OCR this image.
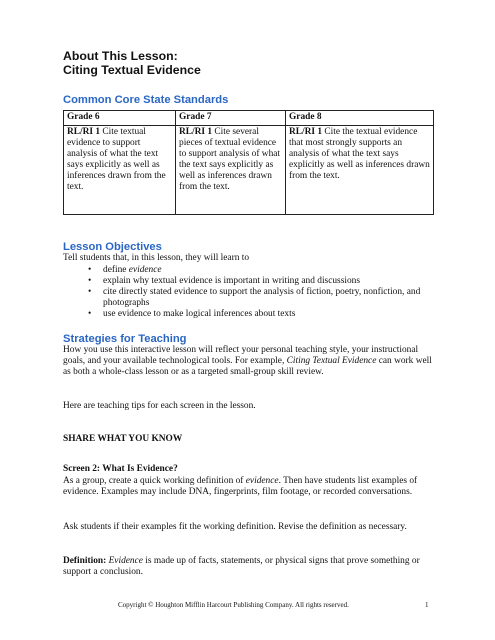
About This Lesson:
Citing Textual Evidence
Common Core State Standards
Grade 6	Grade 7	Grade 8
RL/RI 1 Cite textual evidence to support analysis of what the text says explicitly as well as inferences drawn from the text.	RL/RI 1 Cite several pieces of textual evidence to support analysis of what the text says explicitly as well as inferences drawn from the text.	RL/RI 1 Cite the textual evidence that most strongly supports an analysis of what the text says explicitly as well as inferences drawn from the text.
Lesson Objectives
Tell students that, in this lesson, they will learn to
• define evidence
• explain why textual evidence is important in writing and discussions
• cite directly stated evidence to support the analysis of fiction, poetry, nonfiction, and photographs
• use evidence to make logical inferences about texts
Strategies for Teaching
How you use this interactive lesson will reflect your personal teaching style, your instructional goals, and your available technological tools. For example, Citing Textual Evidence can work well as both a whole-class lesson or as a targeted small-group skill review.
Here are teaching tips for each screen in the lesson.
SHARE WHAT YOU KNOW
Screen 2: What Is Evidence?
As a group, create a quick working definition of evidence. Then have students list examples of evidence. Examples may include DNA, fingerprints, film footage, or recorded conversations.
Ask students if their examples fit the working definition. Revise the definition as necessary.
Definition: Evidence is made up of facts, statements, or physical signs that prove something or support a conclusion.
Copyright © Houghton Mifflin Harcourt Publishing Company. All rights reserved.	1
